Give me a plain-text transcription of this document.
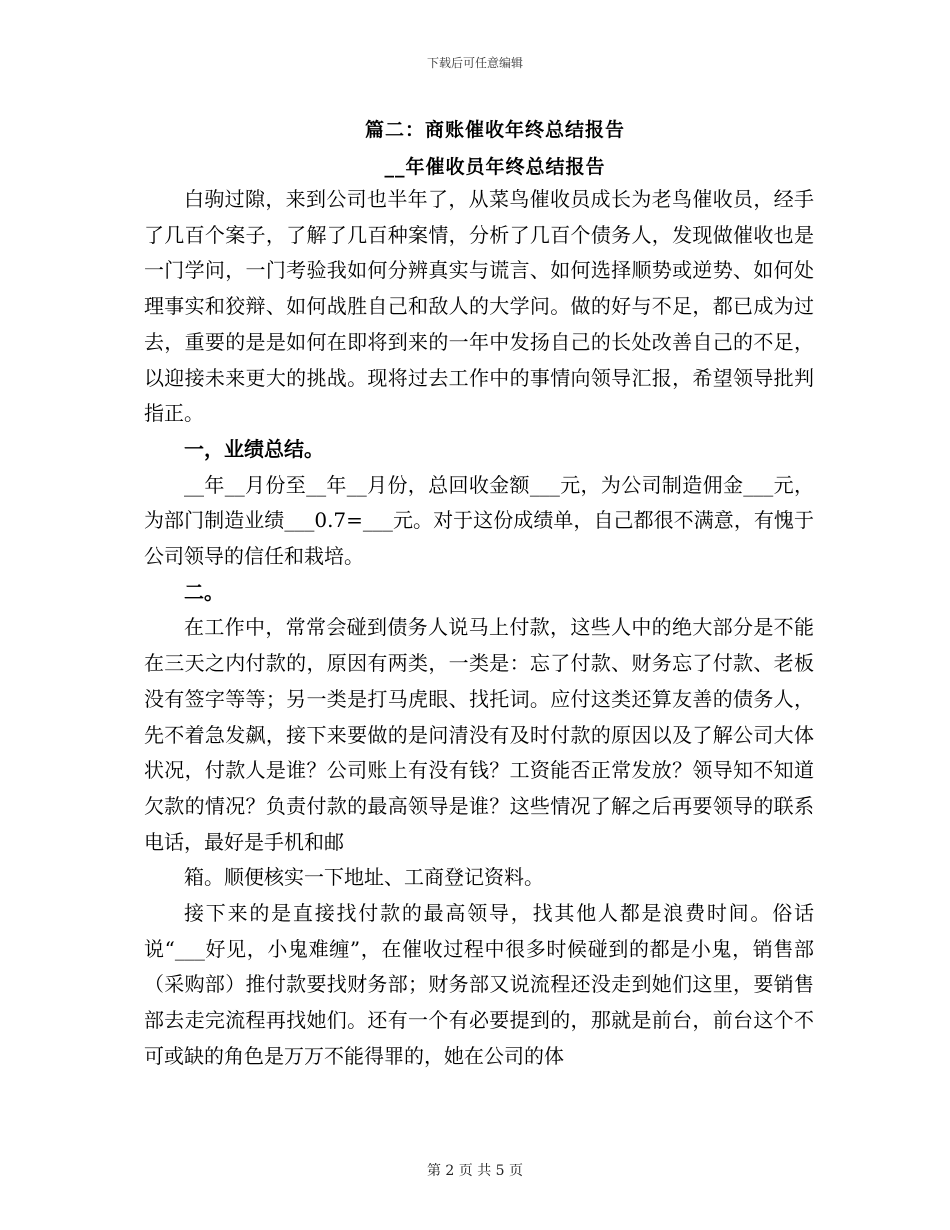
下载后可任意编辑
篇二：商账催收年终总结报告
__年催收员年终总结报告

白驹过隙，来到公司也半年了，从菜鸟催收员成长为老鸟催收员，经手了几百个案子，了解了几百种案情，分析了几百个债务人，发现做催收也是一门学问，一门考验我如何分辨真实与谎言、如何选择顺势或逆势、如何处理事实和狡辩、如何战胜自己和敌人的大学问。做的好与不足，都已成为过去，重要的是是如何在即将到来的一年中发扬自己的长处改善自己的不足，以迎接未来更大的挑战。现将过去工作中的事情向领导汇报，希望领导批判指正。

一，业绩总结。

__年__月份至__年__月份，总回收金额___元，为公司制造佣金___元，为部门制造业绩___0.7=___元。对于这份成绩单，自己都很不满意，有愧于公司领导的信任和栽培。

二。

在工作中，常常会碰到债务人说马上付款，这些人中的绝大部分是不能在三天之内付款的，原因有两类，一类是：忘了付款、财务忘了付款、老板没有签字等等；另一类是打马虎眼、找托词。应付这类还算友善的债务人，先不着急发飙，接下来要做的是问清没有及时付款的原因以及了解公司大体状况，付款人是谁？公司账上有没有钱？工资能否正常发放？领导知不知道欠款的情况？负责付款的最高领导是谁？这些情况了解之后再要领导的联系电话，最好是手机和邮

箱。顺便核实一下地址、工商登记资料。

接下来的是直接找付款的最高领导，找其他人都是浪费时间。俗话说“___好见，小鬼难缠”，在催收过程中很多时候碰到的都是小鬼，销售部（采购部）推付款要找财务部；财务部又说流程还没走到她们这里，要销售部去走完流程再找她们。还有一个有必要提到的，那就是前台，前台这个不可或缺的角色是万万不能得罪的，她在公司的体

第 2 页 共 5 页
